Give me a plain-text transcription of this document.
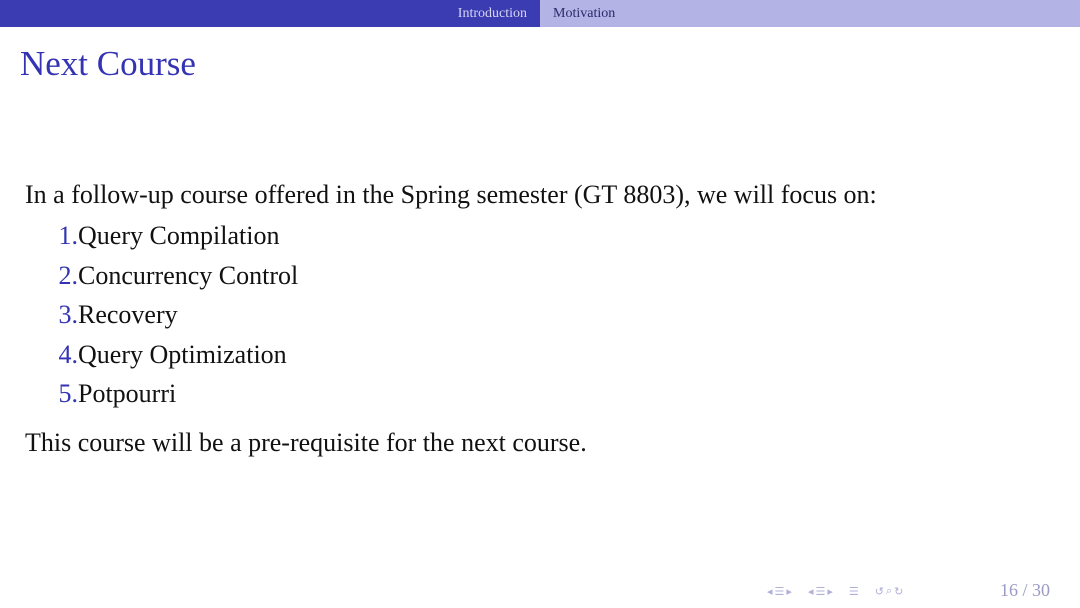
Introduction	Motivation
Next Course

In a follow-up course offered in the Spring semester (GT 8803), we will focus on:

1. Query Compilation
2. Concurrency Control
3. Recovery
4. Query Optimization
5. Potpourri

This course will be a pre-requisite for the next course.

◂ ☰ ▸ ◂ ☰ ▸ ☰ ↺ ⌕ ↻	16 / 30
